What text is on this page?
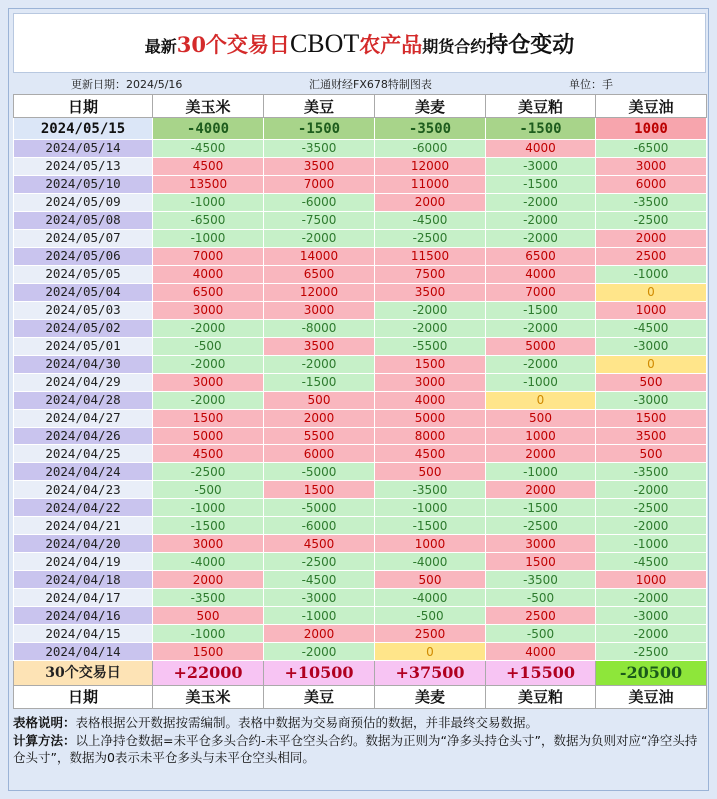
最新30个交易日CBOT农产品期货合约持仓变动
更新日期：2024/5/16	汇通财经FX678特制图表	单位：手
日期	美玉米	美豆	美麦	美豆粕	美豆油
2024/05/15	-4000	-1500	-3500	-1500	1000
2024/05/14	-4500	-3500	-6000	4000	-6500
2024/05/13	4500	3500	12000	-3000	3000
2024/05/10	13500	7000	11000	-1500	6000
2024/05/09	-1000	-6000	2000	-2000	-3500
2024/05/08	-6500	-7500	-4500	-2000	-2500
2024/05/07	-1000	-2000	-2500	-2000	2000
2024/05/06	7000	14000	11500	6500	2500
2024/05/05	4000	6500	7500	4000	-1000
2024/05/04	6500	12000	3500	7000	0
2024/05/03	3000	3000	-2000	-1500	1000
2024/05/02	-2000	-8000	-2000	-2000	-4500
2024/05/01	-500	3500	-5500	5000	-3000
2024/04/30	-2000	-2000	1500	-2000	0
2024/04/29	3000	-1500	3000	-1000	500
2024/04/28	-2000	500	4000	0	-3000
2024/04/27	1500	2000	5000	500	1500
2024/04/26	5000	5500	8000	1000	3500
2024/04/25	4500	6000	4500	2000	500
2024/04/24	-2500	-5000	500	-1000	-3500
2024/04/23	-500	1500	-3500	2000	-2000
2024/04/22	-1000	-5000	-1000	-1500	-2500
2024/04/21	-1500	-6000	-1500	-2500	-2000
2024/04/20	3000	4500	1000	3000	-1000
2024/04/19	-4000	-2500	-4000	1500	-4500
2024/04/18	2000	-4500	500	-3500	1000
2024/04/17	-3500	-3000	-4000	-500	-2000
2024/04/16	500	-1000	-500	2500	-3000
2024/04/15	-1000	2000	2500	-500	-2000
2024/04/14	1500	-2000	0	4000	-2500
30个交易日	+22000	+10500	+37500	+15500	-20500
日期	美玉米	美豆	美麦	美豆粕	美豆油

表格说明：表格根据公开数据按需编制。表格中数据为交易商预估的数据，并非最终交易数据。

计算方法：以上净持仓数据=未平仓多头合约-未平仓空头合约。数据为正则为“净多头持仓头寸”，数据为负则对应“净空头持仓头寸”，数据为0表示未平仓多头与未平仓空头相同。
